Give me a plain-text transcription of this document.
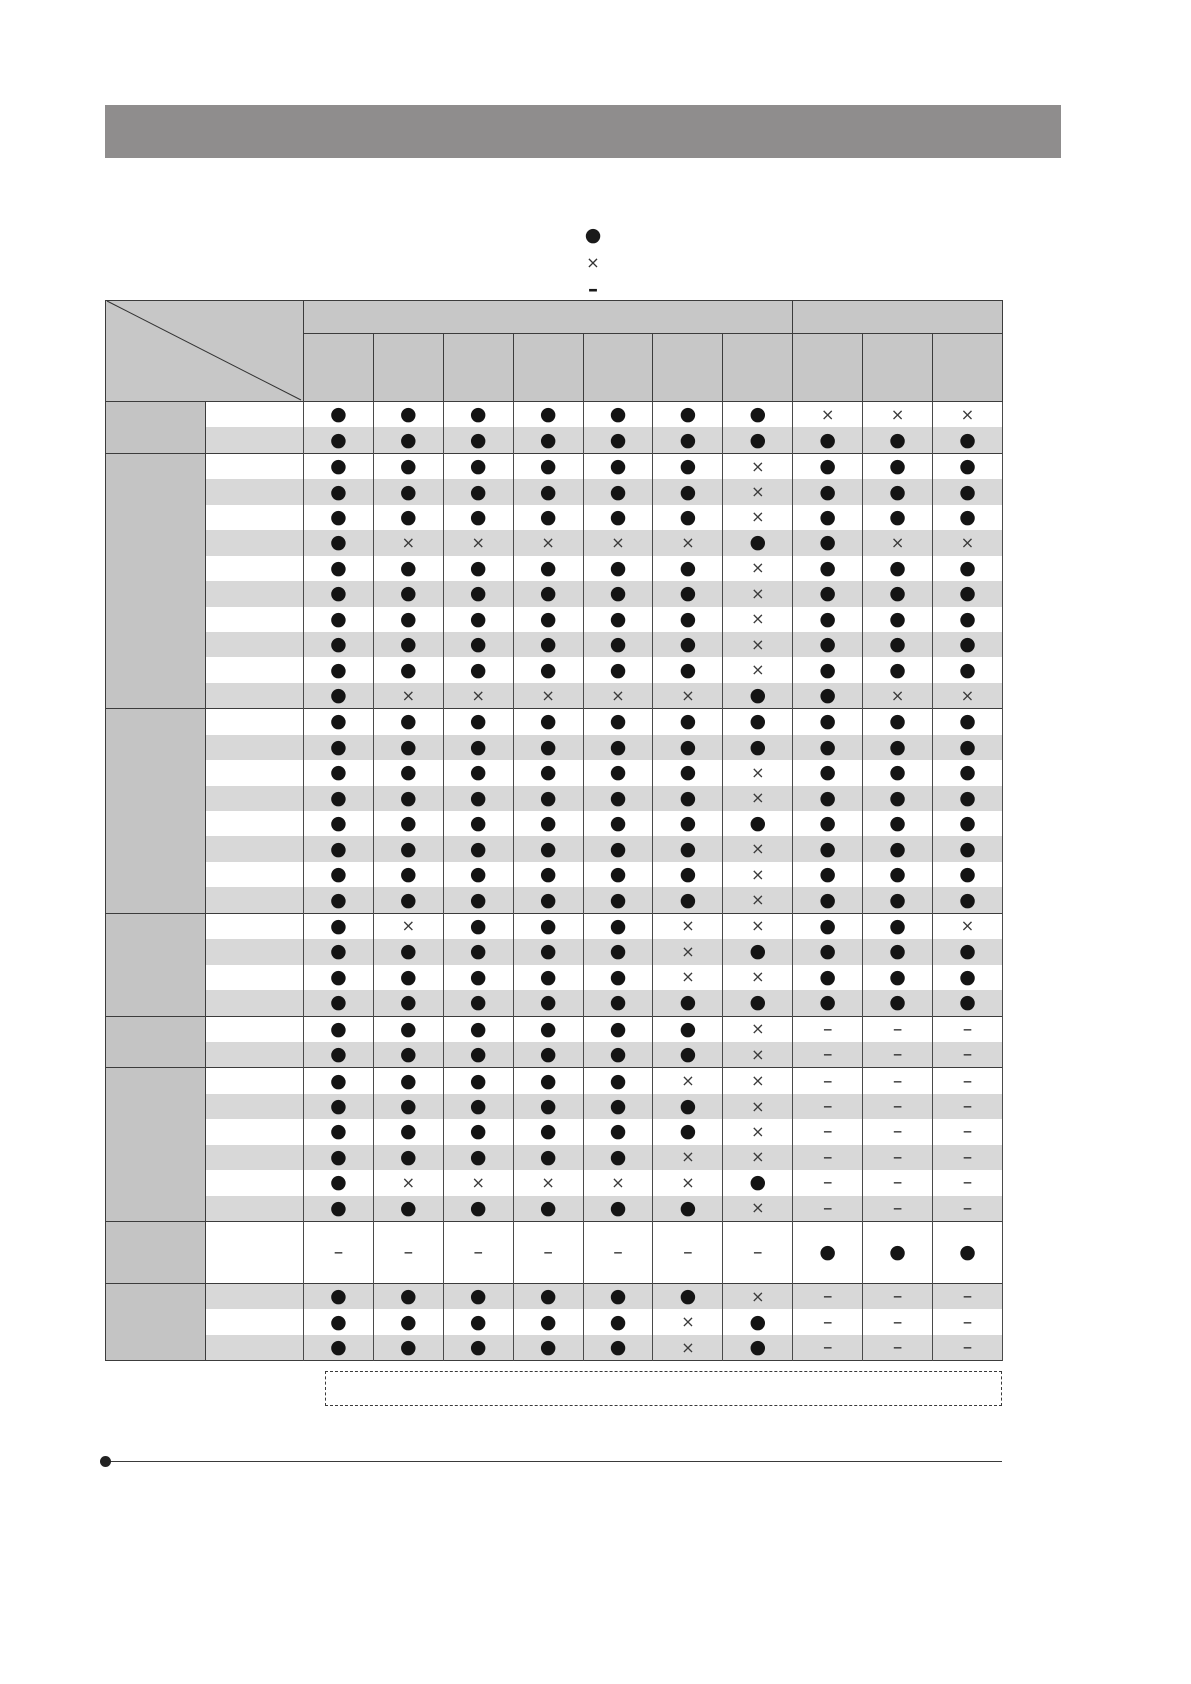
●
×
–

		●	●	●	●	●	●	●	×	×	×
		●	●	●	●	●	●	●	●	●	●
		●	●	●	●	●	●	×	●	●	●
		●	●	●	●	●	●	×	●	●	●
		●	●	●	●	●	●	×	●	●	●
		●	×	×	×	×	×	●	●	×	×
		●	●	●	●	●	●	×	●	●	●
		●	●	●	●	●	●	×	●	●	●
		●	●	●	●	●	●	×	●	●	●
		●	●	●	●	●	●	×	●	●	●
		●	●	●	●	●	●	×	●	●	●
		●	×	×	×	×	×	●	●	×	×
		●	●	●	●	●	●	●	●	●	●
		●	●	●	●	●	●	●	●	●	●
		●	●	●	●	●	●	×	●	●	●
		●	●	●	●	●	●	×	●	●	●
		●	●	●	●	●	●	●	●	●	●
		●	●	●	●	●	●	×	●	●	●
		●	●	●	●	●	●	×	●	●	●
		●	●	●	●	●	●	×	●	●	●
		●	×	●	●	●	×	×	●	●	×
		●	●	●	●	●	×	●	●	●	●
		●	●	●	●	●	×	×	●	●	●
		●	●	●	●	●	●	●	●	●	●
		●	●	●	●	●	●	×	–	–	–
		●	●	●	●	●	●	×	–	–	–
		●	●	●	●	●	×	×	–	–	–
		●	●	●	●	●	●	×	–	–	–
		●	●	●	●	●	●	×	–	–	–
		●	●	●	●	●	×	×	–	–	–
		●	×	×	×	×	×	●	–	–	–
		●	●	●	●	●	●	×	–	–	–
		–	–	–	–	–	–	–	●	●	●
		●	●	●	●	●	●	×	–	–	–
		●	●	●	●	●	×	●	–	–	–
		●	●	●	●	●	×	●	–	–	–
